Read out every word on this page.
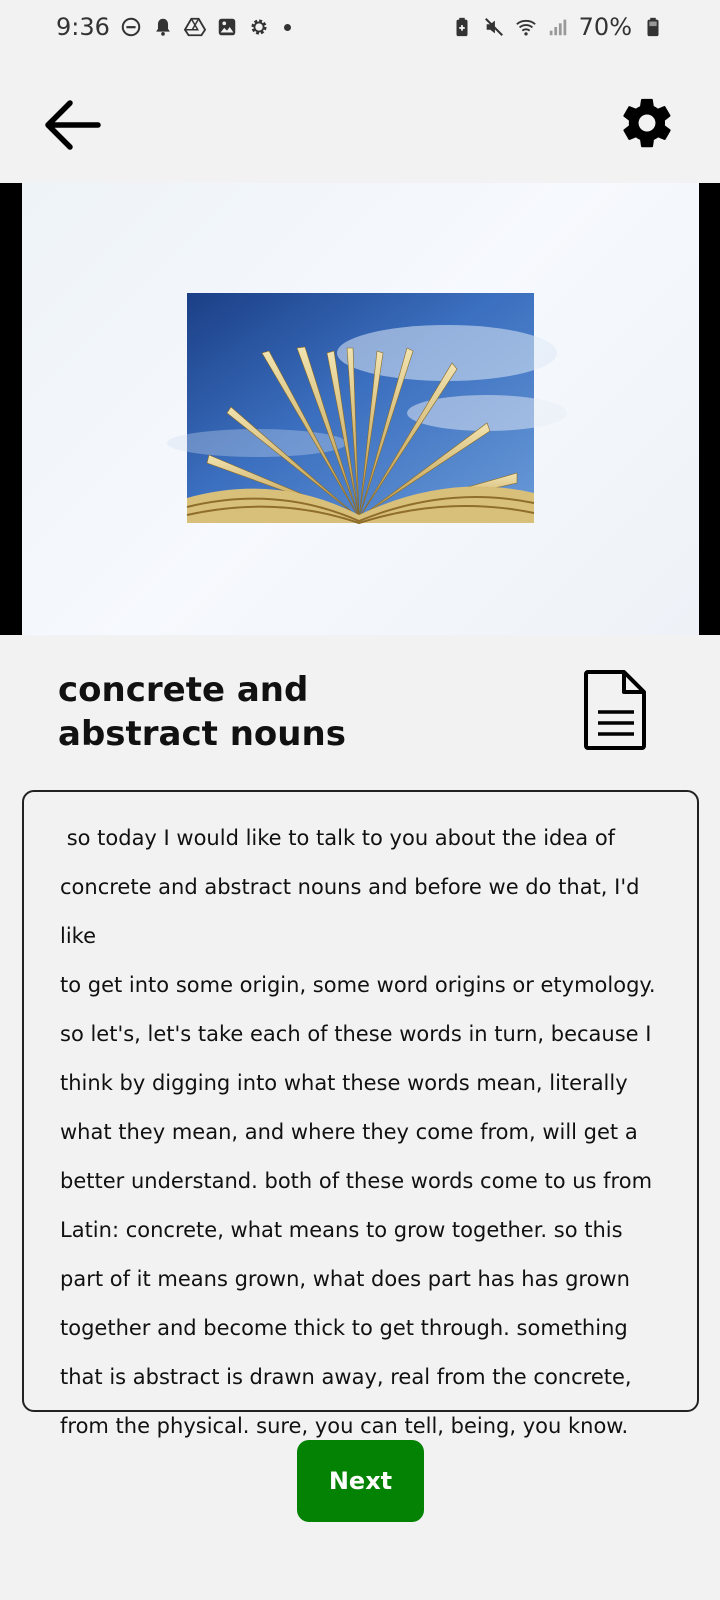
9:36	70%
concrete and abstract nouns
so today I would like to talk to you about the idea of
concrete and abstract nouns and before we do that, I'd like
to get into some origin, some word origins or etymology.
so let's, let's take each of these words in turn, because I
think by digging into what these words mean, literally
what they mean, and where they come from, will get a
better understand. both of these words come to us from
Latin: concrete, what means to grow together. so this
part of it means grown, what does part has has grown
together and become thick to get through. something
that is abstract is drawn away, real from the concrete,
from the physical. sure, you can tell, being, you know.
Next
